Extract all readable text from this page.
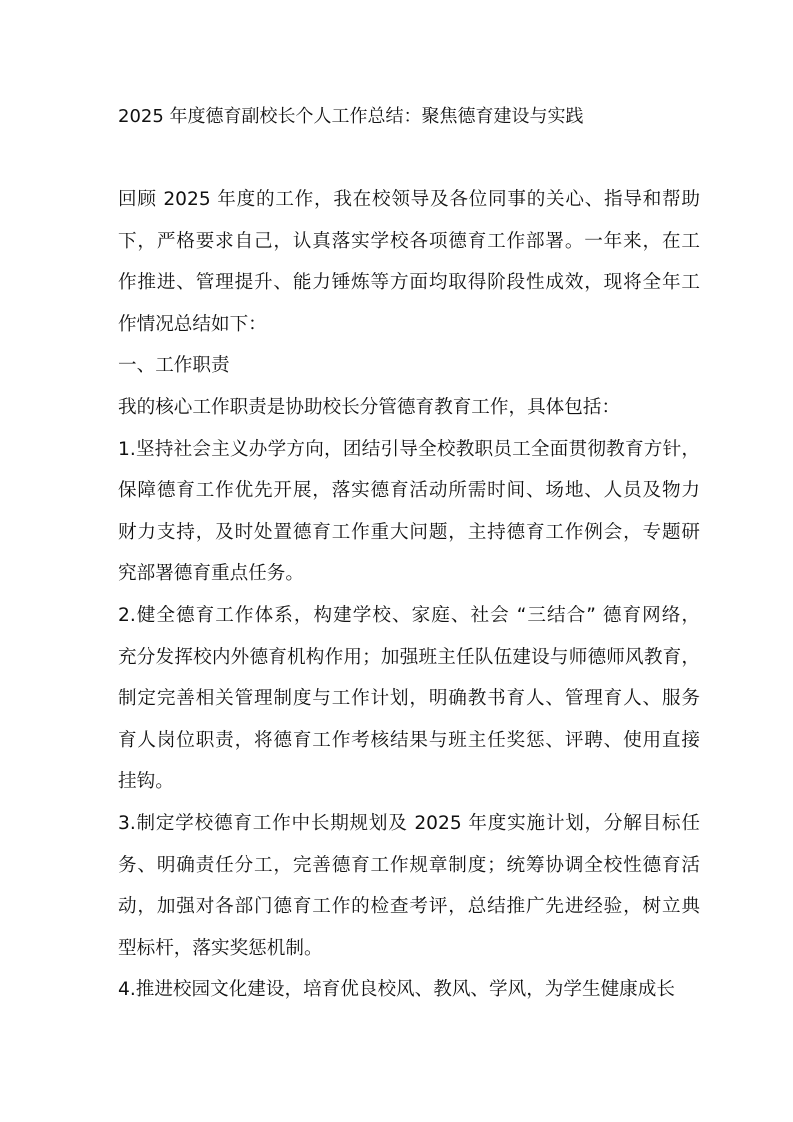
2025 年度德育副校长个人工作总结：聚焦德育建设与实践
回顾 2025 年度的工作，我在校领导及各位同事的关心、指导和帮助
下，严格要求自己，认真落实学校各项德育工作部署。一年来，在工
作推进、管理提升、能力锤炼等方面均取得阶段性成效，现将全年工
作情况总结如下：
一、工作职责
我的核心工作职责是协助校长分管德育教育工作，具体包括：
1.坚持社会主义办学方向，团结引导全校教职员工全面贯彻教育方针，
保障德育工作优先开展，落实德育活动所需时间、场地、人员及物力
财力支持，及时处置德育工作重大问题，主持德育工作例会，专题研
究部署德育重点任务。
2.健全德育工作体系，构建学校、家庭、社会 “三结合” 德育网络，
充分发挥校内外德育机构作用；加强班主任队伍建设与师德师风教育，
制定完善相关管理制度与工作计划，明确教书育人、管理育人、服务
育人岗位职责，将德育工作考核结果与班主任奖惩、评聘、使用直接
挂钩。
3.制定学校德育工作中长期规划及 2025 年度实施计划，分解目标任
务、明确责任分工，完善德育工作规章制度；统筹协调全校性德育活
动，加强对各部门德育工作的检查考评，总结推广先进经验，树立典
型标杆，落实奖惩机制。
4.推进校园文化建设，培育优良校风、教风、学风，为学生健康成长
